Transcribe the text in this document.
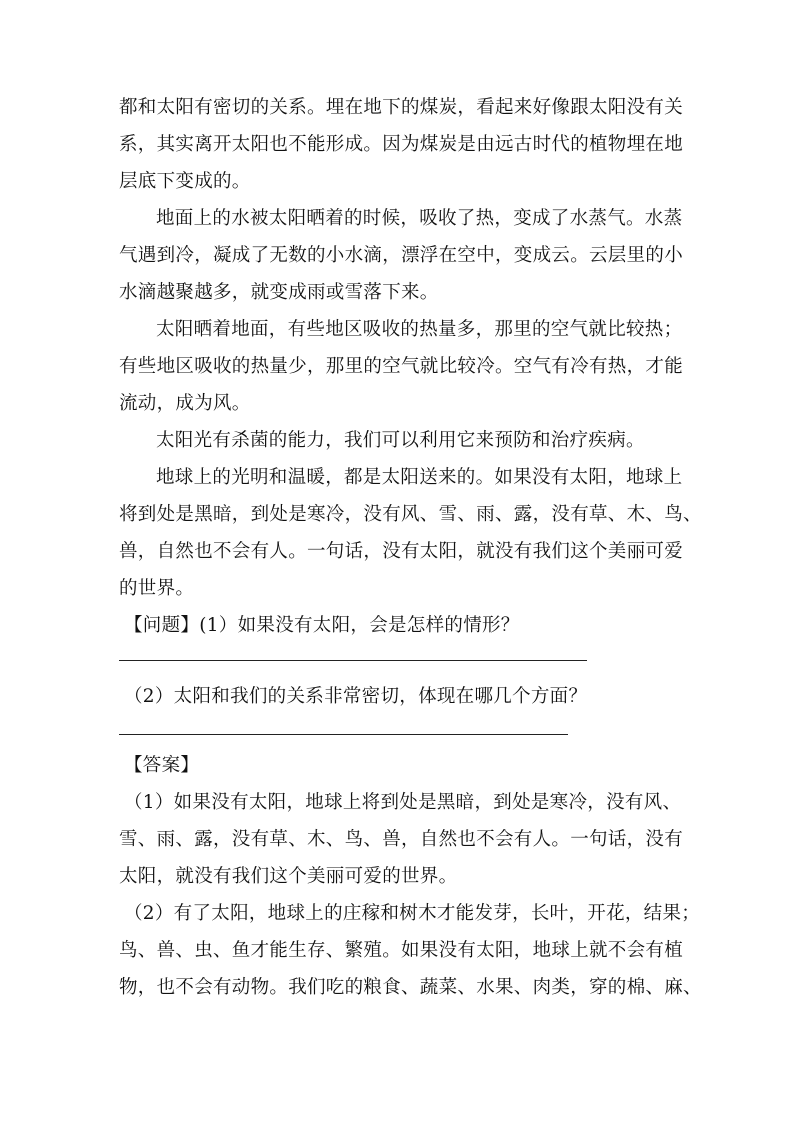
都和太阳有密切的关系。埋在地下的煤炭，看起来好像跟太阳没有关
系，其实离开太阳也不能形成。因为煤炭是由远古时代的植物埋在地
层底下变成的。
地面上的水被太阳晒着的时候，吸收了热，变成了水蒸气。水蒸
气遇到冷，凝成了无数的小水滴，漂浮在空中，变成云。云层里的小
水滴越聚越多，就变成雨或雪落下来。
太阳晒着地面，有些地区吸收的热量多，那里的空气就比较热；
有些地区吸收的热量少，那里的空气就比较冷。空气有冷有热，才能
流动，成为风。
太阳光有杀菌的能力，我们可以利用它来预防和治疗疾病。
地球上的光明和温暖，都是太阳送来的。如果没有太阳，地球上
将到处是黑暗，到处是寒冷，没有风、雪、雨、露，没有草、木、鸟、
兽，自然也不会有人。一句话，没有太阳，就没有我们这个美丽可爱
的世界。
【问题】(1）如果没有太阳，会是怎样的情形？
（2）太阳和我们的关系非常密切，体现在哪几个方面？
【答案】
（1）如果没有太阳，地球上将到处是黑暗，到处是寒冷，没有风、
雪、雨、露，没有草、木、鸟、兽，自然也不会有人。一句话，没有
太阳，就没有我们这个美丽可爱的世界。
（2）有了太阳，地球上的庄稼和树木才能发芽，长叶，开花，结果；
鸟、兽、虫、鱼才能生存、繁殖。如果没有太阳，地球上就不会有植
物，也不会有动物。我们吃的粮食、蔬菜、水果、肉类，穿的棉、麻、
